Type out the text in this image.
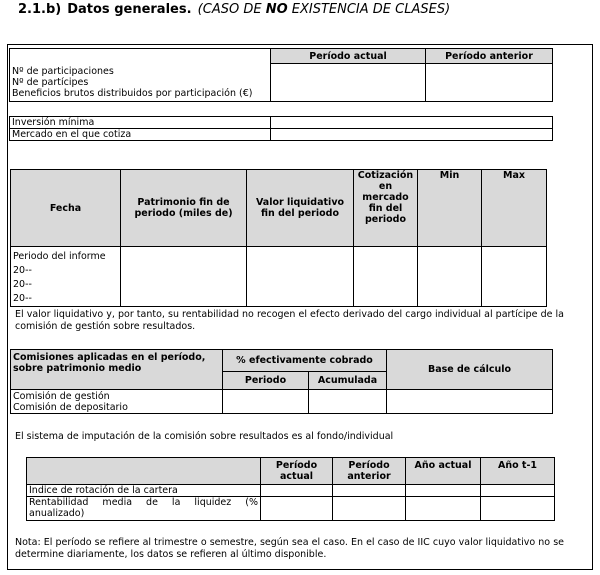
2.1.b) Datos generales. (CASO DE NO EXISTENCIA DE CLASES)
	Período actual	Período anterior

Nº de participaciones
Nº de partícipes
Beneficios brutos distribuidos por participación (€)		

Inversión mínima	
Mercado en el que cotiza	
Fecha	Patrimonio fin de periodo (miles de)	Valor liquidativo fin del periodo	Cotización en mercado fin del periodo	Min	Max

Periodo del informe
20--
20--
20--					

El valor liquidativo y, por tanto, su rentabilidad no recogen el efecto derivado del cargo individual al partícipe de la comisión de gestión sobre resultados.
Comisiones aplicadas en el período, sobre patrimonio medio	% efectivamente cobrado		Base de cálculo
	Periodo	Acumulada	

Comisión de gestión
Comisión de depositario			

El sistema de imputación de la comisión sobre resultados es al fondo/individual
	Período actual	Período anterior	Año actual	Año t-1
Índice de rotación de la cartera				
Rentabilidad media de la liquidez (% anualizado)				
Nota: El período se refiere al trimestre o semestre, según sea el caso. En el caso de IIC cuyo valor liquidativo no se determine diariamente, los datos se refieren al último disponible.
